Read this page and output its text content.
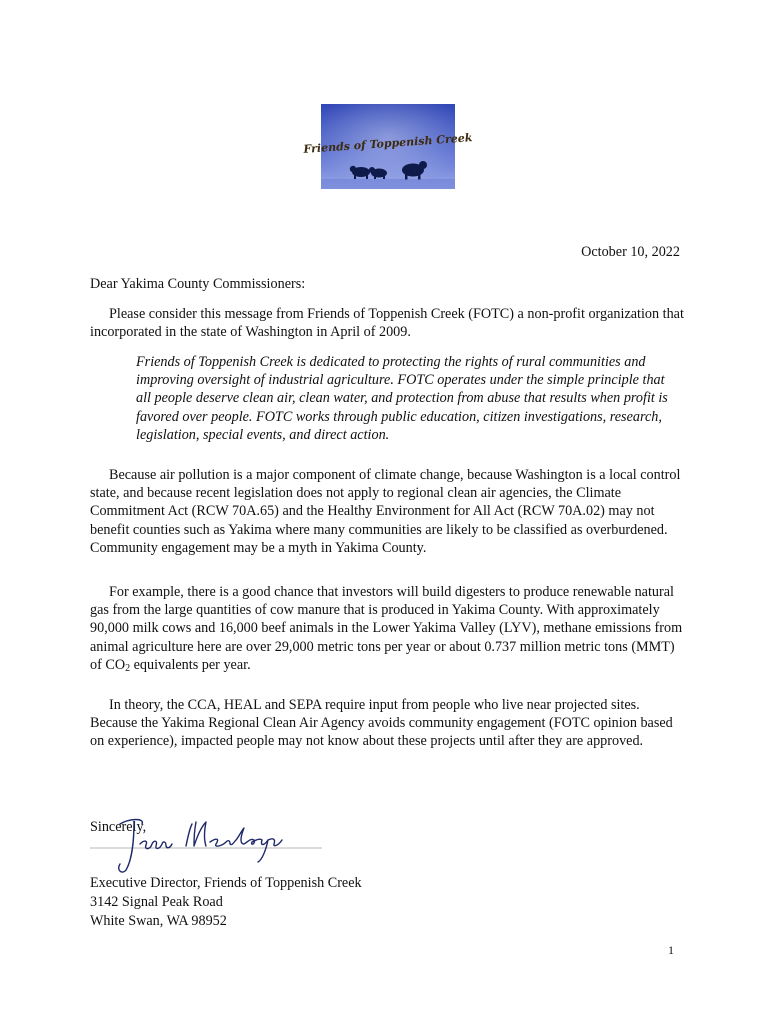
Friends of Toppenish Creek
October 10, 2022
Dear Yakima County Commissioners:
Please consider this message from Friends of Toppenish Creek (FOTC) a non-profit organization that incorporated in the state of Washington in April of 2009.
Friends of Toppenish Creek is dedicated to protecting the rights of rural communities and improving oversight of industrial agriculture. FOTC operates under the simple principle that all people deserve clean air, clean water, and protection from abuse that results when profit is favored over people. FOTC works through public education, citizen investigations, research, legislation, special events, and direct action.
Because air pollution is a major component of climate change, because Washington is a local control state, and because recent legislation does not apply to regional clean air agencies, the Climate Commitment Act (RCW 70A.65) and the Healthy Environment for All Act (RCW 70A.02) may not benefit counties such as Yakima where many communities are likely to be classified as overburdened. Community engagement may be a myth in Yakima County.
For example, there is a good chance that investors will build digesters to produce renewable natural gas from the large quantities of cow manure that is produced in Yakima County. With approximately 90,000 milk cows and 16,000 beef animals in the Lower Yakima Valley (LYV), methane emissions from animal agriculture here are over 29,000 metric tons per year or about 0.737 million metric tons (MMT) of $CO_2$ equivalents per year.
In theory, the CCA, HEAL and SEPA require input from people who live near projected sites. Because the Yakima Regional Clean Air Agency avoids community engagement (FOTC opinion based on experience), impacted people may not know about these projects until after they are approved.
Sincerely,
Executive Director, Friends of Toppenish Creek
3142 Signal Peak Road
White Swan, WA 98952
1
